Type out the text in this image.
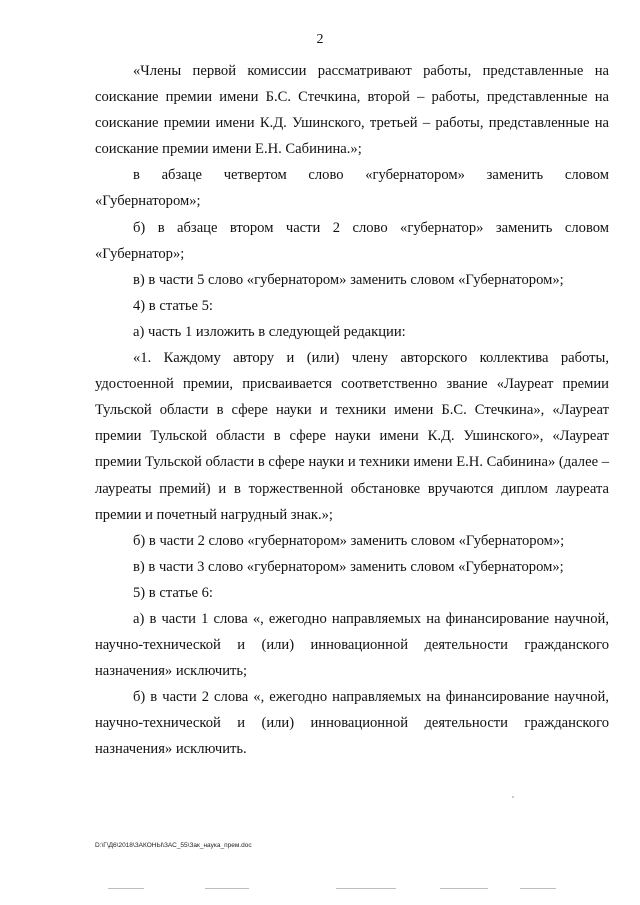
2

«Члены первой комиссии рассматривают работы, представленные на соискание премии имени Б.С. Стечкина, второй – работы, представленные на соискание премии имени К.Д. Ушинского, третьей – работы, представленные на соискание премии имени Е.Н. Сабинина.»;

в абзаце четвертом слово «губернатором» заменить словом «Губернатором»;

б) в абзаце втором части 2 слово «губернатор» заменить словом «Губернатор»;

в) в части 5 слово «губернатором» заменить словом «Губернатором»;

4) в статье 5:

а) часть 1 изложить в следующей редакции:

«1. Каждому автору и (или) члену авторского коллектива работы, удостоенной премии, присваивается соответственно звание «Лауреат премии Тульской области в сфере науки и техники имени Б.С. Стечкина», «Лауреат премии Тульской области в сфере науки имени К.Д. Ушинского», «Лауреат премии Тульской области в сфере науки и техники имени Е.Н. Сабинина» (далее – лауреаты премий) и в торжественной обстановке вручаются диплом лауреата премии и почетный нагрудный знак.»;

б) в части 2 слово «губернатором» заменить словом «Губернатором»;

в) в части 3 слово «губернатором» заменить словом «Губернатором»;

5) в статье 6:

а) в части 1 слова «, ежегодно направляемых на финансирование научной, научно-технической и (или) инновационной деятельности гражданского назначения» исключить;

б) в части 2 слова «, ежегодно направляемых на финансирование научной, научно-технической и (или) инновационной деятельности гражданского назначения» исключить.

D:\Г\Д6\2018\ЗАКОНЫ\ЗАС_55\Зак_наука_прем.doc
